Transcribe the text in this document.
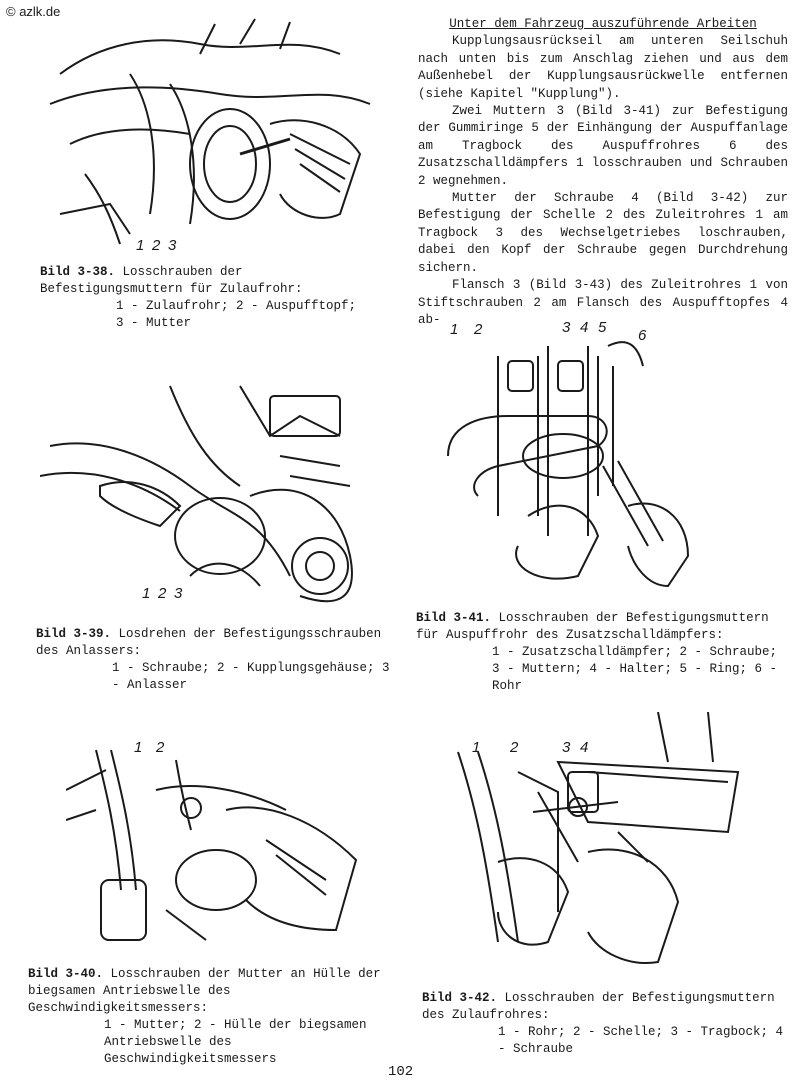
© azlk.de
1 2 3
Bild 3-38. Losschrauben der Befestigungsmuttern für Zulaufrohr:
1 - Zulaufrohr; 2 - Auspufftopf; 3 - Mutter
1 2 3
Bild 3-39. Losdrehen der Befestigungsschrauben des Anlassers:
1 - Schraube; 2 - Kupplungsgehäuse; 3 - Anlasser
1 2
Bild 3-40. Losschrauben der Mutter an Hülle der biegsamen Antriebswelle des Geschwindigkeitsmessers:
1 - Mutter; 2 - Hülle der biegsamen Antriebswelle des Geschwindigkeitsmessers
Unter dem Fahrzeug auszuführende Arbeiten

Kupplungsausrückseil am unteren Seilschuh nach unten bis zum Anschlag ziehen und aus dem Außenhebel der Kupplungsausrückwelle entfernen (siehe Kapitel "Kupplung").

Zwei Muttern 3 (Bild 3-41) zur Befestigung der Gummiringe 5 der Einhängung der Auspuffanlage am Tragbock des Auspuffrohres 6 des Zusatzschalldämpfers 1 losschrauben und Schrauben 2 wegnehmen.

Mutter der Schraube 4 (Bild 3-42) zur Befestigung der Schelle 2 des Zuleitrohres 1 am Tragbock 3 des Wechselgetriebes loschrauben, dabei den Kopf der Schraube gegen Durchdrehung sichern.

Flansch 3 (Bild 3-43) des Zuleitrohres 1 von Stiftschrauben 2 am Flansch des Auspufftopfes 4 ab-

1 2	3 4 5 6
Bild 3-41. Losschrauben der Befestigungsmuttern für Auspuffrohr des Zusatzschalldämpfers:
1 - Zusatzschalldämpfer; 2 - Schraube; 3 - Muttern; 4 - Halter; 5 - Ring; 6 - Rohr
1 2	3 4
Bild 3-42. Losschrauben der Befestigungsmuttern des Zulaufrohres:
1 - Rohr; 2 - Schelle; 3 - Tragbock; 4 - Schraube
102
